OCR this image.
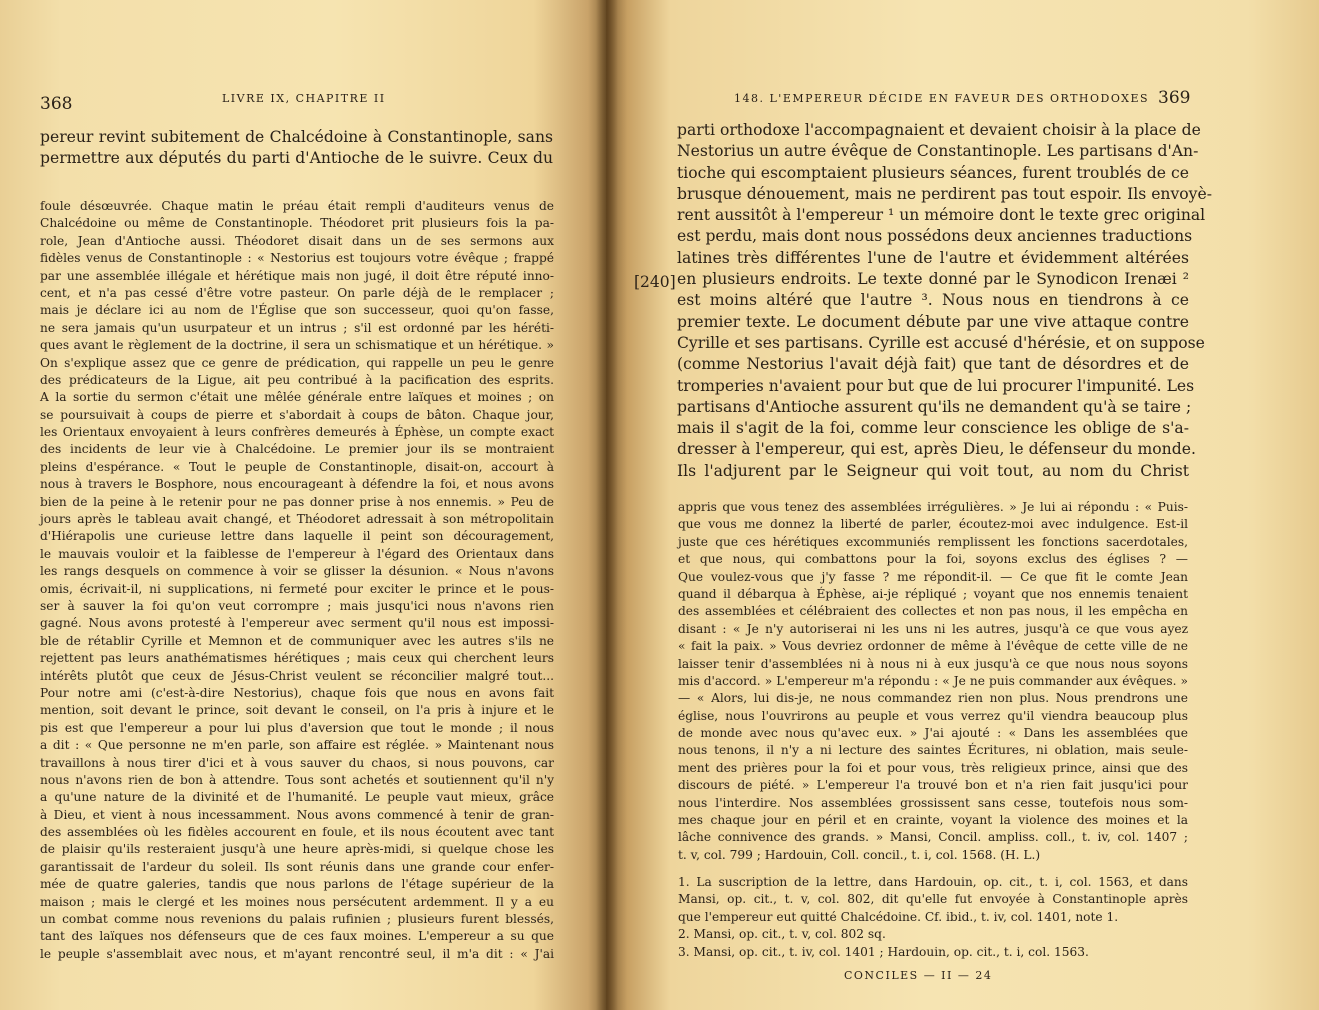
368	LIVRE IX, CHAPITRE II
pereur revint subitement de Chalcédoine à Constantinople, sans
permettre aux députés du parti d'Antioche de le suivre. Ceux du
foule désœuvrée. Chaque matin le préau était rempli d'auditeurs venus de
Chalcédoine ou même de Constantinople. Théodoret prit plusieurs fois la pa-
role, Jean d'Antioche aussi. Théodoret disait dans un de ses sermons aux
fidèles venus de Constantinople : « Nestorius est toujours votre évêque ; frappé
par une assemblée illégale et hérétique mais non jugé, il doit être réputé inno-
cent, et n'a pas cessé d'être votre pasteur. On parle déjà de le remplacer ;
mais je déclare ici au nom de l'Église que son successeur, quoi qu'on fasse,
ne sera jamais qu'un usurpateur et un intrus ; s'il est ordonné par les héréti-
ques avant le règlement de la doctrine, il sera un schismatique et un hérétique. »
On s'explique assez que ce genre de prédication, qui rappelle un peu le genre
des prédicateurs de la Ligue, ait peu contribué à la pacification des esprits.
A la sortie du sermon c'était une mêlée générale entre laïques et moines ; on
se poursuivait à coups de pierre et s'abordait à coups de bâton. Chaque jour,
les Orientaux envoyaient à leurs confrères demeurés à Éphèse, un compte exact
des incidents de leur vie à Chalcédoine. Le premier jour ils se montraient
pleins d'espérance. « Tout le peuple de Constantinople, disait-on, accourt à
nous à travers le Bosphore, nous encourageant à défendre la foi, et nous avons
bien de la peine à le retenir pour ne pas donner prise à nos ennemis. » Peu de
jours après le tableau avait changé, et Théodoret adressait à son métropolitain
d'Hiérapolis une curieuse lettre dans laquelle il peint son découragement,
le mauvais vouloir et la faiblesse de l'empereur à l'égard des Orientaux dans
les rangs desquels on commence à voir se glisser la désunion. « Nous n'avons
omis, écrivait-il, ni supplications, ni fermeté pour exciter le prince et le pous-
ser à sauver la foi qu'on veut corrompre ; mais jusqu'ici nous n'avons rien
gagné. Nous avons protesté à l'empereur avec serment qu'il nous est impossi-
ble de rétablir Cyrille et Memnon et de communiquer avec les autres s'ils ne
rejettent pas leurs anathématismes hérétiques ; mais ceux qui cherchent leurs
intérêts plutôt que ceux de Jésus-Christ veulent se réconcilier malgré tout...
Pour notre ami (c'est-à-dire Nestorius), chaque fois que nous en avons fait
mention, soit devant le prince, soit devant le conseil, on l'a pris à injure et le
pis est que l'empereur a pour lui plus d'aversion que tout le monde ; il nous
a dit : « Que personne ne m'en parle, son affaire est réglée. » Maintenant nous
travaillons à nous tirer d'ici et à vous sauver du chaos, si nous pouvons, car
nous n'avons rien de bon à attendre. Tous sont achetés et soutiennent qu'il n'y
a qu'une nature de la divinité et de l'humanité. Le peuple vaut mieux, grâce
à Dieu, et vient à nous incessamment. Nous avons commencé à tenir de gran-
des assemblées où les fidèles accourent en foule, et ils nous écoutent avec tant
de plaisir qu'ils resteraient jusqu'à une heure après-midi, si quelque chose les
garantissait de l'ardeur du soleil. Ils sont réunis dans une grande cour enfer-
mée de quatre galeries, tandis que nous parlons de l'étage supérieur de la
maison ; mais le clergé et les moines nous persécutent ardemment. Il y a eu
un combat comme nous revenions du palais rufinien ; plusieurs furent blessés,
tant des laïques nos défenseurs que de ces faux moines. L'empereur a su que
le peuple s'assemblait avec nous, et m'ayant rencontré seul, il m'a dit : « J'ai
148. L'EMPEREUR DÉCIDE EN FAVEUR DES ORTHODOXES 369
[240]
parti orthodoxe l'accompagnaient et devaient choisir à la place de
Nestorius un autre évêque de Constantinople. Les partisans d'An-
tioche qui escomptaient plusieurs séances, furent troublés de ce
brusque dénouement, mais ne perdirent pas tout espoir. Ils envoyè-
rent aussitôt à l'empereur ¹ un mémoire dont le texte grec original
est perdu, mais dont nous possédons deux anciennes traductions
latines très différentes l'une de l'autre et évidemment altérées
en plusieurs endroits. Le texte donné par le Synodicon Irenæi ²
est moins altéré que l'autre ³. Nous nous en tiendrons à ce
premier texte. Le document débute par une vive attaque contre
Cyrille et ses partisans. Cyrille est accusé d'hérésie, et on suppose
(comme Nestorius l'avait déjà fait) que tant de désordres et de
tromperies n'avaient pour but que de lui procurer l'impunité. Les
partisans d'Antioche assurent qu'ils ne demandent qu'à se taire ;
mais il s'agit de la foi, comme leur conscience les oblige de s'a-
dresser à l'empereur, qui est, après Dieu, le défenseur du monde.
Ils l'adjurent par le Seigneur qui voit tout, au nom du Christ
appris que vous tenez des assemblées irrégulières. » Je lui ai répondu : « Puis-
que vous me donnez la liberté de parler, écoutez-moi avec indulgence. Est-il
juste que ces hérétiques excommuniés remplissent les fonctions sacerdotales,
et que nous, qui combattons pour la foi, soyons exclus des églises ? —
Que voulez-vous que j'y fasse ? me répondit-il. — Ce que fit le comte Jean
quand il débarqua à Éphèse, ai-je répliqué ; voyant que nos ennemis tenaient
des assemblées et célébraient des collectes et non pas nous, il les empêcha en
disant : « Je n'y autoriserai ni les uns ni les autres, jusqu'à ce que vous ayez
« fait la paix. » Vous devriez ordonner de même à l'évêque de cette ville de ne
laisser tenir d'assemblées ni à nous ni à eux jusqu'à ce que nous nous soyons
mis d'accord. » L'empereur m'a répondu : « Je ne puis commander aux évêques. »
— « Alors, lui dis-je, ne nous commandez rien non plus. Nous prendrons une
église, nous l'ouvrirons au peuple et vous verrez qu'il viendra beaucoup plus
de monde avec nous qu'avec eux. » J'ai ajouté : « Dans les assemblées que
nous tenons, il n'y a ni lecture des saintes Écritures, ni oblation, mais seule-
ment des prières pour la foi et pour vous, très religieux prince, ainsi que des
discours de piété. » L'empereur l'a trouvé bon et n'a rien fait jusqu'ici pour
nous l'interdire. Nos assemblées grossissent sans cesse, toutefois nous som-
mes chaque jour en péril et en crainte, voyant la violence des moines et la
lâche connivence des grands. » Mansi, Concil. ampliss. coll., t. iv, col. 1407 ;
t. v, col. 799 ; Hardouin, Coll. concil., t. i, col. 1568. (H. L.)
1. La suscription de la lettre, dans Hardouin, op. cit., t. i, col. 1563, et dans
Mansi, op. cit., t. v, col. 802, dit qu'elle fut envoyée à Constantinople après
que l'empereur eut quitté Chalcédoine. Cf. ibid., t. iv, col. 1401, note 1.
2. Mansi, op. cit., t. v, col. 802 sq.
3. Mansi, op. cit., t. iv, col. 1401 ; Hardouin, op. cit., t. i, col. 1563.
CONCILES — II — 24
